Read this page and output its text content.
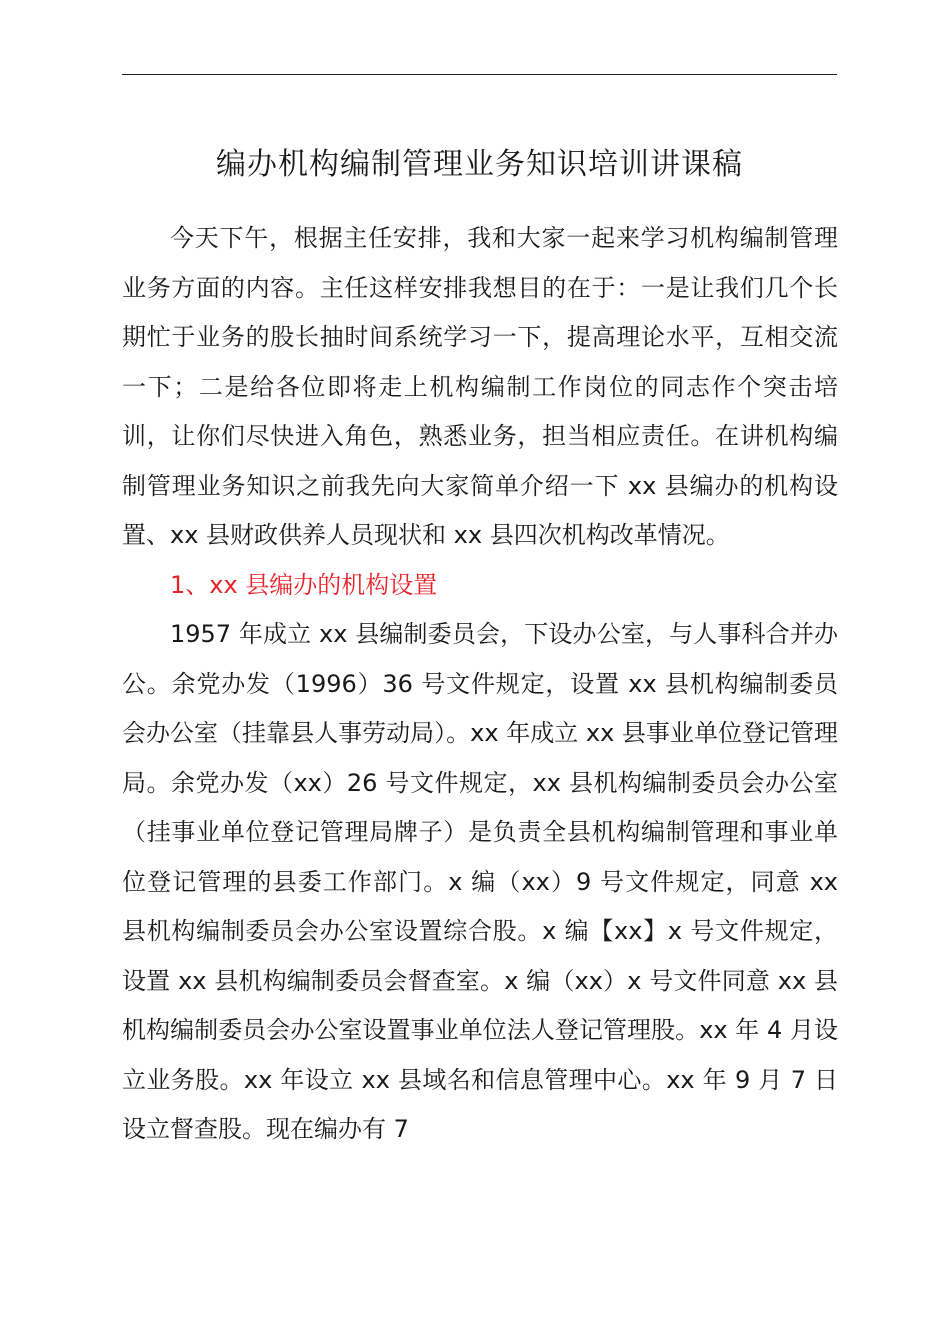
编办机构编制管理业务知识培训讲课稿

今天下午，根据主任安排，我和大家一起来学习机构编制管理业务方面的内容。主任这样安排我想目的在于：一是让我们几个长期忙于业务的股长抽时间系统学习一下，提高理论水平，互相交流一下；二是给各位即将走上机构编制工作岗位的同志作个突击培训，让你们尽快进入角色，熟悉业务，担当相应责任。在讲机构编制管理业务知识之前我先向大家简单介绍一下 xx 县编办的机构设置、xx 县财政供养人员现状和 xx 县四次机构改革情况。

1、xx 县编办的机构设置

1957 年成立 xx 县编制委员会，下设办公室，与人事科合并办公。余党办发（1996）36 号文件规定，设置 xx 县机构编制委员会办公室（挂靠县人事劳动局）。xx 年成立 xx 县事业单位登记管理局。余党办发（xx）26 号文件规定，xx 县机构编制委员会办公室（挂事业单位登记管理局牌子）是负责全县机构编制管理和事业单位登记管理的县委工作部门。x 编（xx）9 号文件规定，同意 xx 县机构编制委员会办公室设置综合股。x 编【xx】x 号文件规定，设置 xx 县机构编制委员会督查室。x 编（xx）x 号文件同意 xx 县机构编制委员会办公室设置事业单位法人登记管理股。xx 年 4 月设立业务股。xx 年设立 xx 县域名和信息管理中心。xx 年 9 月 7 日设立督查股。现在编办有 7
